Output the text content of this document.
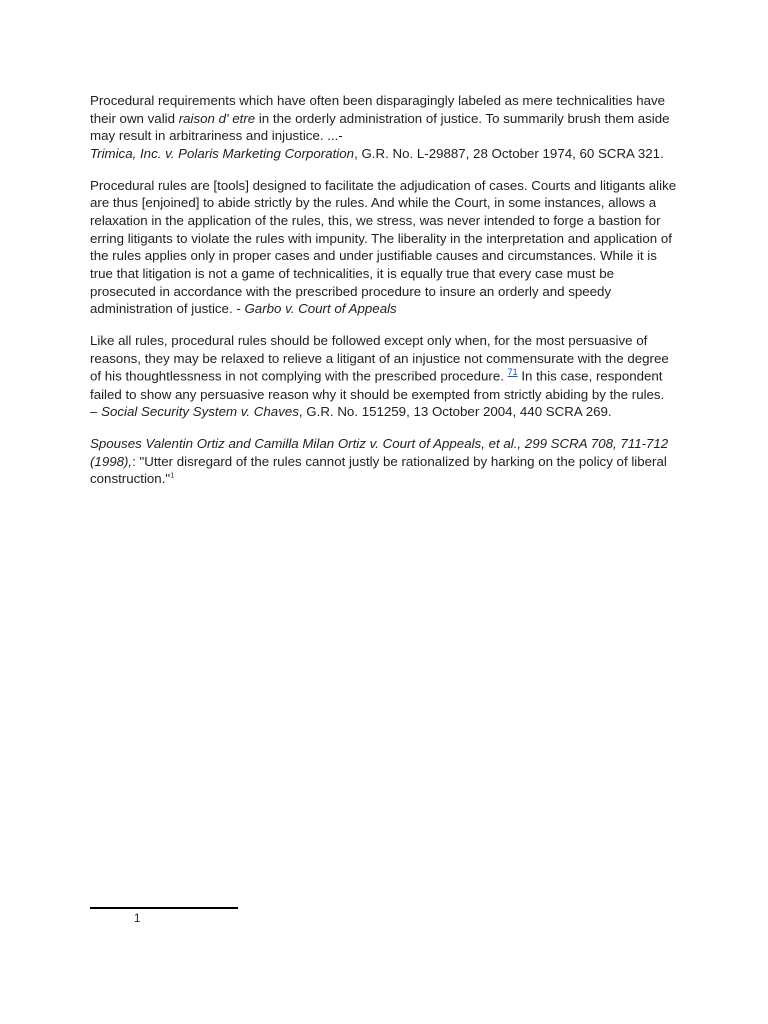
Procedural requirements which have often been disparagingly labeled as mere technicalities have their own valid raison d' etre in the orderly administration of justice. To summarily brush them aside may result in arbitrariness and injustice. ...-
Trimica, Inc. v. Polaris Marketing Corporation, G.R. No. L-29887, 28 October 1974, 60 SCRA 321.

Procedural rules are [tools] designed to facilitate the adjudication of cases. Courts and litigants alike are thus [enjoined] to abide strictly by the rules. And while the Court, in some instances, allows a relaxation in the application of the rules, this, we stress, was never intended to forge a bastion for erring litigants to violate the rules with impunity. The liberality in the interpretation and application of the rules applies only in proper cases and under justifiable causes and circumstances. While it is true that litigation is not a game of technicalities, it is equally true that every case must be prosecuted in accordance with the prescribed procedure to insure an orderly and speedy administration of justice. - Garbo v. Court of Appeals

Like all rules, procedural rules should be followed except only when, for the most persuasive of reasons, they may be relaxed to relieve a litigant of an injustice not commensurate with the degree of his thoughtlessness in not complying with the prescribed procedure. $^{71}$ In this case, respondent failed to show any persuasive reason why it should be exempted from strictly abiding by the rules.
– Social Security System v. Chaves, G.R. No. 151259, 13 October 2004, 440 SCRA 269.

Spouses Valentin Ortiz and Camilla Milan Ortiz v. Court of Appeals, et al., 299 SCRA 708, 711-712 (1998),: "Utter disregard of the rules cannot justly be rationalized by harking on the policy of liberal construction."$^1$

1
